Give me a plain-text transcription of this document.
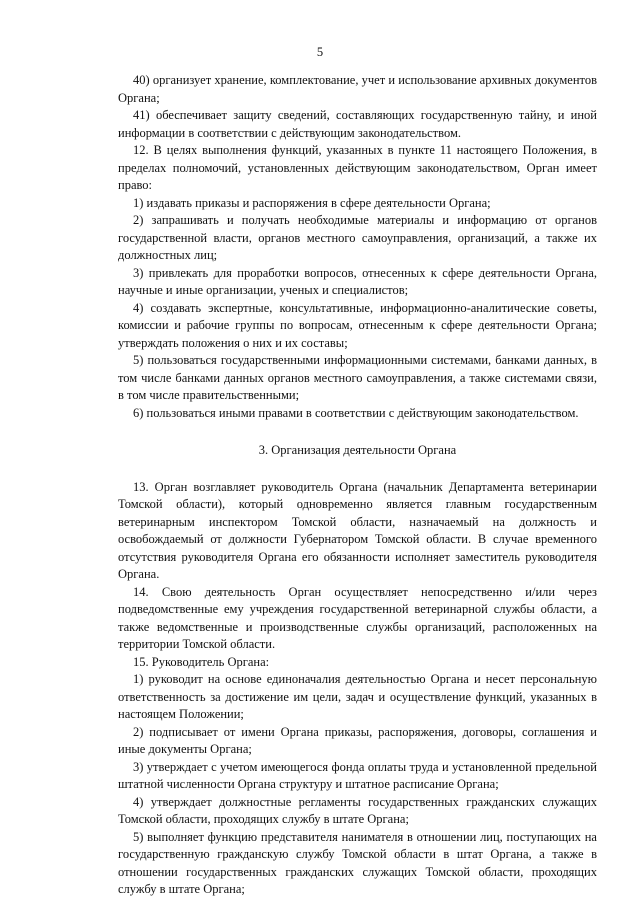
5

40) организует хранение, комплектование, учет и использование архивных документов Органа;

41) обеспечивает защиту сведений, составляющих государственную тайну, и иной информации в соответствии с действующим законодательством.

12. В целях выполнения функций, указанных в пункте 11 настоящего Положения, в пределах полномочий, установленных действующим законодательством, Орган имеет право:

1) издавать приказы и распоряжения в сфере деятельности Органа;

2) запрашивать и получать необходимые материалы и информацию от органов государственной власти, органов местного самоуправления, организаций, а также их должностных лиц;

3) привлекать для проработки вопросов, отнесенных к сфере деятельности Органа, научные и иные организации, ученых и специалистов;

4) создавать экспертные, консультативные, информационно-аналитические советы, комиссии и рабочие группы по вопросам, отнесенным к сфере деятельности Органа; утверждать положения о них и их составы;

5) пользоваться государственными информационными системами, банками данных, в том числе банками данных органов местного самоуправления, а также системами связи, в том числе правительственными;

6) пользоваться иными правами в соответствии с действующим законодательством.

3. Организация деятельности Органа

13. Орган возглавляет руководитель Органа (начальник Департамента ветеринарии Томской области), который одновременно является главным государственным ветеринарным инспектором Томской области, назначаемый на должность и освобождаемый от должности Губернатором Томской области. В случае временного отсутствия руководителя Органа его обязанности исполняет заместитель руководителя Органа.

14. Свою деятельность Орган осуществляет непосредственно и/или через подведомственные ему учреждения государственной ветеринарной службы области, а также ведомственные и производственные службы организаций, расположенных на территории Томской области.

15. Руководитель Органа:

1) руководит на основе единоначалия деятельностью Органа и несет персональную ответственность за достижение им цели, задач и осуществление функций, указанных в настоящем Положении;

2) подписывает от имени Органа приказы, распоряжения, договоры, соглашения и иные документы Органа;

3) утверждает с учетом имеющегося фонда оплаты труда и установленной предельной штатной численности Органа структуру и штатное расписание Органа;

4) утверждает должностные регламенты государственных гражданских служащих Томской области, проходящих службу в штате Органа;

5) выполняет функцию представителя нанимателя в отношении лиц, поступающих на государственную гражданскую службу Томской области в штат Органа, а также в отношении государственных гражданских служащих Томской области, проходящих службу в штате Органа;
